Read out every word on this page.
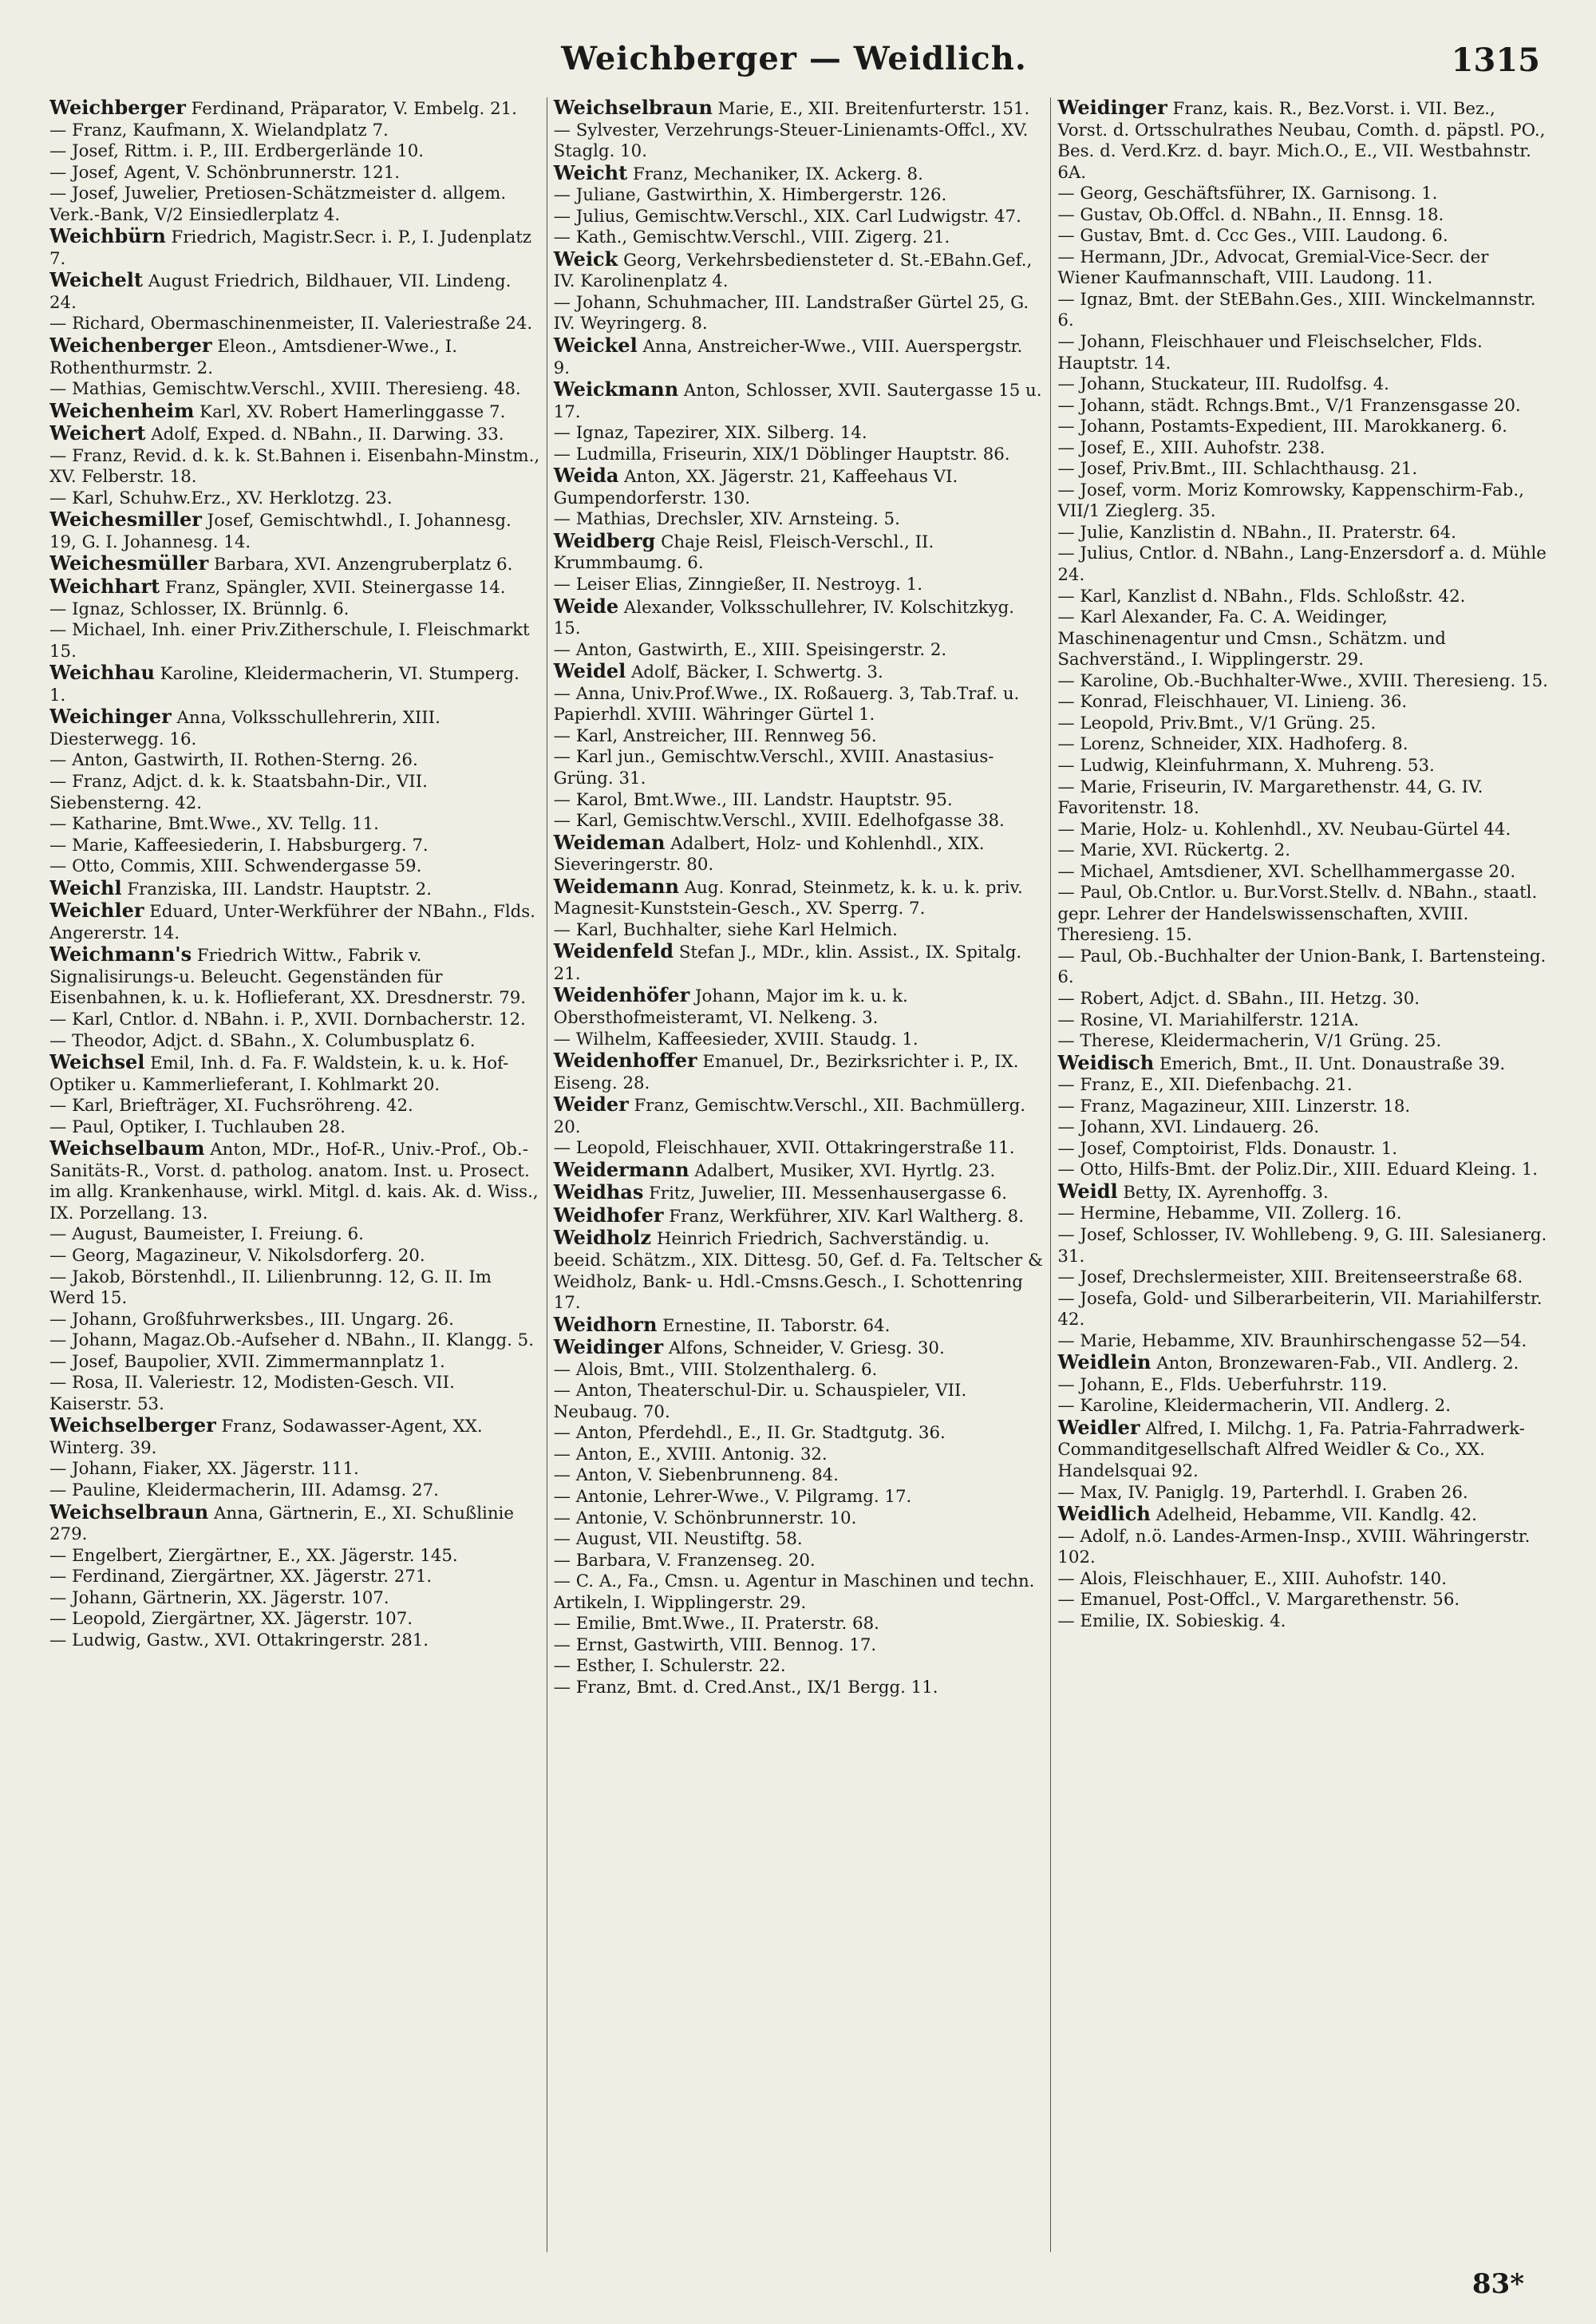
Weichberger — Weidlich.	1315

Weichberger Ferdinand, Präparator, V. Embelg. 21.

— Franz, Kaufmann, X. Wielandplatz 7.

— Josef, Rittm. i. P., III. Erdbergerlände 10.

— Josef, Agent, V. Schönbrunnerstr. 121.

— Josef, Juwelier, Pretiosen-Schätzmeister d. allgem. Verk.-Bank, V/2 Einsiedlerplatz 4.

Weichbürn Friedrich, Magistr.Secr. i. P., I. Judenplatz 7.

Weichelt August Friedrich, Bildhauer, VII. Lindeng. 24.

— Richard, Obermaschinenmeister, II. Valeriestraße 24.

Weichenberger Eleon., Amtsdiener-Wwe., I. Rothenthurmstr. 2.

— Mathias, Gemischtw.Verschl., XVIII. Theresieng. 48.

Weichenheim Karl, XV. Robert Hamerlinggasse 7.

Weichert Adolf, Exped. d. NBahn., II. Darwing. 33.

— Franz, Revid. d. k. k. St.Bahnen i. Eisenbahn-Minstm., XV. Felberstr. 18.

— Karl, Schuhw.Erz., XV. Herklotzg. 23.

Weichesmiller Josef, Gemischtwhdl., I. Johannesg. 19, G. I. Johannesg. 14.

Weichesmüller Barbara, XVI. Anzengruberplatz 6.

Weichhart Franz, Spängler, XVII. Steinergasse 14.

— Ignaz, Schlosser, IX. Brünnlg. 6.

— Michael, Inh. einer Priv.Zitherschule, I. Fleischmarkt 15.

Weichhau Karoline, Kleidermacherin, VI. Stumperg. 1.

Weichinger Anna, Volksschullehrerin, XIII. Diesterwegg. 16.

— Anton, Gastwirth, II. Rothen-Sterng. 26.

— Franz, Adjct. d. k. k. Staatsbahn-Dir., VII. Siebensterng. 42.

— Katharine, Bmt.Wwe., XV. Tellg. 11.

— Marie, Kaffeesiederin, I. Habsburgerg. 7.

— Otto, Commis, XIII. Schwendergasse 59.

Weichl Franziska, III. Landstr. Hauptstr. 2.

Weichler Eduard, Unter-Werkführer der NBahn., Flds. Angererstr. 14.

Weichmann's Friedrich Wittw., Fabrik v. Signalisirungs-u. Beleucht. Gegenständen für Eisenbahnen, k. u. k. Hoflieferant, XX. Dresdnerstr. 79.

— Karl, Cntlor. d. NBahn. i. P., XVII. Dornbacherstr. 12.

— Theodor, Adjct. d. SBahn., X. Columbusplatz 6.

Weichsel Emil, Inh. d. Fa. F. Waldstein, k. u. k. Hof-Optiker u. Kammerlieferant, I. Kohlmarkt 20.

— Karl, Briefträger, XI. Fuchsröhreng. 42.

— Paul, Optiker, I. Tuchlauben 28.

Weichselbaum Anton, MDr., Hof-R., Univ.-Prof., Ob.-Sanitäts-R., Vorst. d. patholog. anatom. Inst. u. Prosect. im allg. Krankenhause, wirkl. Mitgl. d. kais. Ak. d. Wiss., IX. Porzellang. 13.

— August, Baumeister, I. Freiung. 6.

— Georg, Magazineur, V. Nikolsdorferg. 20.

— Jakob, Börstenhdl., II. Lilienbrunng. 12, G. II. Im Werd 15.

— Johann, Großfuhrwerksbes., III. Ungarg. 26.

— Johann, Magaz.Ob.-Aufseher d. NBahn., II. Klangg. 5.

— Josef, Baupolier, XVII. Zimmermannplatz 1.

— Rosa, II. Valeriestr. 12, Modisten-Gesch. VII. Kaiserstr. 53.

Weichselberger Franz, Sodawasser-Agent, XX. Winterg. 39.

— Johann, Fiaker, XX. Jägerstr. 111.

— Pauline, Kleidermacherin, III. Adamsg. 27.

Weichselbraun Anna, Gärtnerin, E., XI. Schußlinie 279.

— Engelbert, Ziergärtner, E., XX. Jägerstr. 145.

— Ferdinand, Ziergärtner, XX. Jägerstr. 271.

— Johann, Gärtnerin, XX. Jägerstr. 107.

— Leopold, Ziergärtner, XX. Jägerstr. 107.

— Ludwig, Gastw., XVI. Ottakringerstr. 281.

Weichselbraun Marie, E., XII. Breitenfurterstr. 151.

— Sylvester, Verzehrungs-Steuer-Linienamts-Offcl., XV. Staglg. 10.

Weicht Franz, Mechaniker, IX. Ackerg. 8.

— Juliane, Gastwirthin, X. Himbergerstr. 126.

— Julius, Gemischtw.Verschl., XIX. Carl Ludwigstr. 47.

— Kath., Gemischtw.Verschl., VIII. Zigerg. 21.

Weick Georg, Verkehrsbediensteter d. St.-EBahn.Gef., IV. Karolinenplatz 4.

— Johann, Schuhmacher, III. Landstraßer Gürtel 25, G. IV. Weyringerg. 8.

Weickel Anna, Anstreicher-Wwe., VIII. Auerspergstr. 9.

Weickmann Anton, Schlosser, XVII. Sautergasse 15 u. 17.

— Ignaz, Tapezirer, XIX. Silberg. 14.

— Ludmilla, Friseurin, XIX/1 Döblinger Hauptstr. 86.

Weida Anton, XX. Jägerstr. 21, Kaffeehaus VI. Gumpendorferstr. 130.

— Mathias, Drechsler, XIV. Arnsteing. 5.

Weidberg Chaje Reisl, Fleisch-Verschl., II. Krummbaumg. 6.

— Leiser Elias, Zinngießer, II. Nestroyg. 1.

Weide Alexander, Volksschullehrer, IV. Kolschitzkyg. 15.

— Anton, Gastwirth, E., XIII. Speisingerstr. 2.

Weidel Adolf, Bäcker, I. Schwertg. 3.

— Anna, Univ.Prof.Wwe., IX. Roßauerg. 3, Tab.Traf. u. Papierhdl. XVIII. Währinger Gürtel 1.

— Karl, Anstreicher, III. Rennweg 56.

— Karl jun., Gemischtw.Verschl., XVIII. Anastasius-Grüng. 31.

— Karol, Bmt.Wwe., III. Landstr. Hauptstr. 95.

— Karl, Gemischtw.Verschl., XVIII. Edelhofgasse 38.

Weideman Adalbert, Holz- und Kohlenhdl., XIX. Sieveringerstr. 80.

Weidemann Aug. Konrad, Steinmetz, k. k. u. k. priv. Magnesit-Kunststein-Gesch., XV. Sperrg. 7.

— Karl, Buchhalter, siehe Karl Helmich.

Weidenfeld Stefan J., MDr., klin. Assist., IX. Spitalg. 21.

Weidenhöfer Johann, Major im k. u. k. Obersthofmeisteramt, VI. Nelkeng. 3.

— Wilhelm, Kaffeesieder, XVIII. Staudg. 1.

Weidenhoffer Emanuel, Dr., Bezirksrichter i. P., IX. Eiseng. 28.

Weider Franz, Gemischtw.Verschl., XII. Bachmüllerg. 20.

— Leopold, Fleischhauer, XVII. Ottakringerstraße 11.

Weidermann Adalbert, Musiker, XVI. Hyrtlg. 23.

Weidhas Fritz, Juwelier, III. Messenhausergasse 6.

Weidhofer Franz, Werkführer, XIV. Karl Waltherg. 8.

Weidholz Heinrich Friedrich, Sachverständig. u. beeid. Schätzm., XIX. Dittesg. 50, Gef. d. Fa. Teltscher & Weidholz, Bank- u. Hdl.-Cmsns.Gesch., I. Schottenring 17.

Weidhorn Ernestine, II. Taborstr. 64.

Weidinger Alfons, Schneider, V. Griesg. 30.

— Alois, Bmt., VIII. Stolzenthalerg. 6.

— Anton, Theaterschul-Dir. u. Schauspieler, VII. Neubaug. 70.

— Anton, Pferdehdl., E., II. Gr. Stadtgutg. 36.

— Anton, E., XVIII. Antonig. 32.

— Anton, V. Siebenbrunneng. 84.

— Antonie, Lehrer-Wwe., V. Pilgramg. 17.

— Antonie, V. Schönbrunnerstr. 10.

— August, VII. Neustiftg. 58.

— Barbara, V. Franzenseg. 20.

— C. A., Fa., Cmsn. u. Agentur in Maschinen und techn. Artikeln, I. Wipplingerstr. 29.

— Emilie, Bmt.Wwe., II. Praterstr. 68.

— Ernst, Gastwirth, VIII. Bennog. 17.

— Esther, I. Schulerstr. 22.

— Franz, Bmt. d. Cred.Anst., IX/1 Bergg. 11.

Weidinger Franz, kais. R., Bez.Vorst. i. VII. Bez., Vorst. d. Ortsschulrathes Neubau, Comth. d. päpstl. PO., Bes. d. Verd.Krz. d. bayr. Mich.O., E., VII. Westbahnstr. 6A.

— Georg, Geschäftsführer, IX. Garnisong. 1.

— Gustav, Ob.Offcl. d. NBahn., II. Ennsg. 18.

— Gustav, Bmt. d. Ccc Ges., VIII. Laudong. 6.

— Hermann, JDr., Advocat, Gremial-Vice-Secr. der Wiener Kaufmannschaft, VIII. Laudong. 11.

— Ignaz, Bmt. der StEBahn.Ges., XIII. Winckelmannstr. 6.

— Johann, Fleischhauer und Fleischselcher, Flds. Hauptstr. 14.

— Johann, Stuckateur, III. Rudolfsg. 4.

— Johann, städt. Rchngs.Bmt., V/1 Franzensgasse 20.

— Johann, Postamts-Expedient, III. Marokkanerg. 6.

— Josef, E., XIII. Auhofstr. 238.

— Josef, Priv.Bmt., III. Schlachthausg. 21.

— Josef, vorm. Moriz Komrowsky, Kappenschirm-Fab., VII/1 Zieglerg. 35.

— Julie, Kanzlistin d. NBahn., II. Praterstr. 64.

— Julius, Cntlor. d. NBahn., Lang-Enzersdorf a. d. Mühle 24.

— Karl, Kanzlist d. NBahn., Flds. Schloßstr. 42.

— Karl Alexander, Fa. C. A. Weidinger, Maschinenagentur und Cmsn., Schätzm. und Sachverständ., I. Wipplingerstr. 29.

— Karoline, Ob.-Buchhalter-Wwe., XVIII. Theresieng. 15.

— Konrad, Fleischhauer, VI. Linieng. 36.

— Leopold, Priv.Bmt., V/1 Grüng. 25.

— Lorenz, Schneider, XIX. Hadhoferg. 8.

— Ludwig, Kleinfuhrmann, X. Muhreng. 53.

— Marie, Friseurin, IV. Margarethenstr. 44, G. IV. Favoritenstr. 18.

— Marie, Holz- u. Kohlenhdl., XV. Neubau-Gürtel 44.

— Marie, XVI. Rückertg. 2.

— Michael, Amtsdiener, XVI. Schellhammergasse 20.

— Paul, Ob.Cntlor. u. Bur.Vorst.Stellv. d. NBahn., staatl. gepr. Lehrer der Handelswissenschaften, XVIII. Theresieng. 15.

— Paul, Ob.-Buchhalter der Union-Bank, I. Bartensteing. 6.

— Robert, Adjct. d. SBahn., III. Hetzg. 30.

— Rosine, VI. Mariahilferstr. 121A.

— Therese, Kleidermacherin, V/1 Grüng. 25.

Weidisch Emerich, Bmt., II. Unt. Donaustraße 39.

— Franz, E., XII. Diefenbachg. 21.

— Franz, Magazineur, XIII. Linzerstr. 18.

— Johann, XVI. Lindauerg. 26.

— Josef, Comptoirist, Flds. Donaustr. 1.

— Otto, Hilfs-Bmt. der Poliz.Dir., XIII. Eduard Kleing. 1.

Weidl Betty, IX. Ayrenhoffg. 3.

— Hermine, Hebamme, VII. Zollerg. 16.

— Josef, Schlosser, IV. Wohllebeng. 9, G. III. Salesianerg. 31.

— Josef, Drechslermeister, XIII. Breitenseerstraße 68.

— Josefa, Gold- und Silberarbeiterin, VII. Mariahilferstr. 42.

— Marie, Hebamme, XIV. Braunhirschengasse 52—54.

Weidlein Anton, Bronzewaren-Fab., VII. Andlerg. 2.

— Johann, E., Flds. Ueberfuhrstr. 119.

— Karoline, Kleidermacherin, VII. Andlerg. 2.

Weidler Alfred, I. Milchg. 1, Fa. Patria-Fahrradwerk-Commanditgesellschaft Alfred Weidler & Co., XX. Handelsquai 92.

— Max, IV. Paniglg. 19, Parterhdl. I. Graben 26.

Weidlich Adelheid, Hebamme, VII. Kandlg. 42.

— Adolf, n.ö. Landes-Armen-Insp., XVIII. Währingerstr. 102.

— Alois, Fleischhauer, E., XIII. Auhofstr. 140.

— Emanuel, Post-Offcl., V. Margarethenstr. 56.

— Emilie, IX. Sobieskig. 4.

83*
